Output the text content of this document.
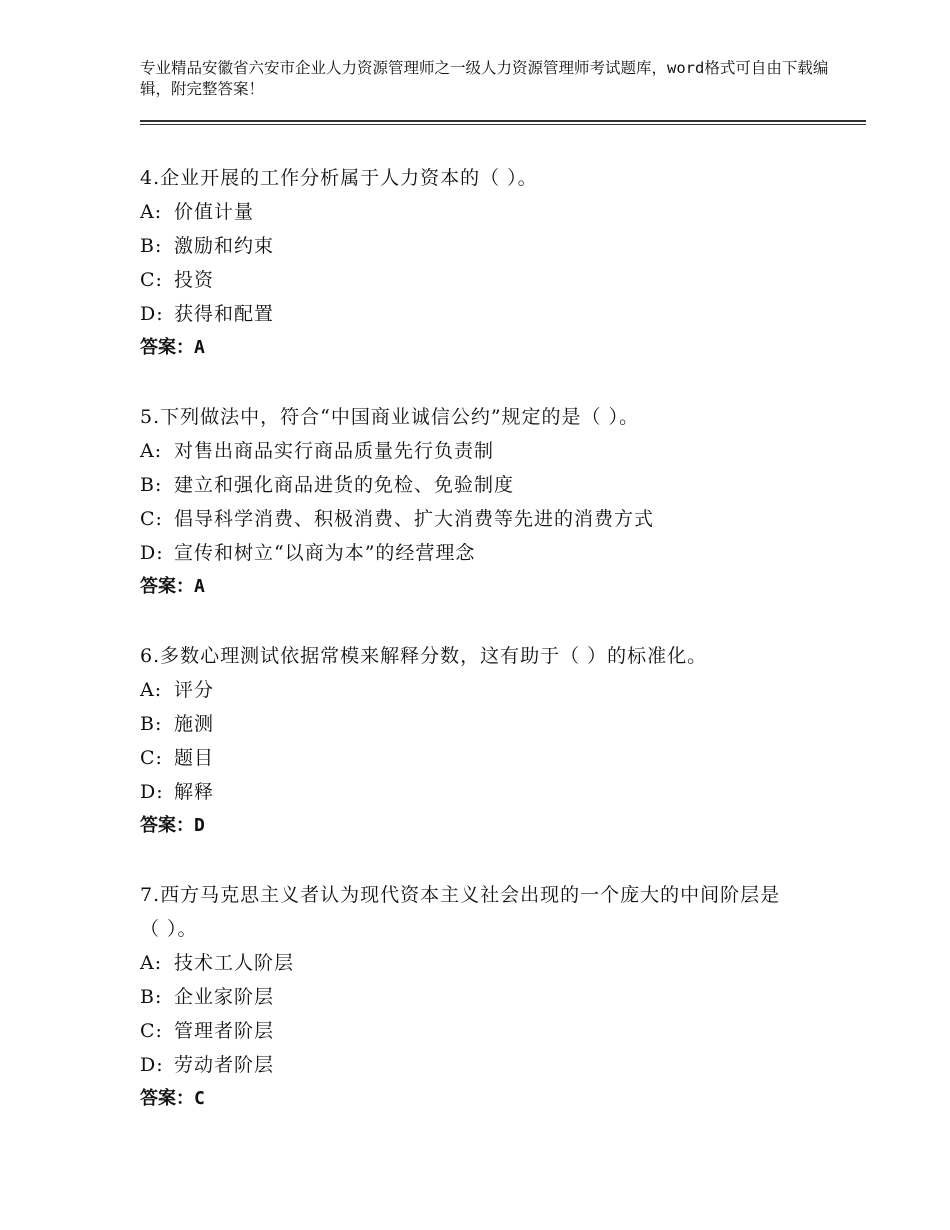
专业精品安徽省六安市企业人力资源管理师之一级人力资源管理师考试题库，word格式可自由下载编辑，附完整答案！
4.企业开展的工作分析属于人力资本的（ ）。
A: 价值计量
B: 激励和约束
C: 投资
D: 获得和配置
答案：A
5.下列做法中，符合“中国商业诚信公约”规定的是（ ）。
A: 对售出商品实行商品质量先行负责制
B: 建立和强化商品进货的免检、免验制度
C: 倡导科学消费、积极消费、扩大消费等先进的消费方式
D: 宣传和树立“以商为本”的经营理念
答案：A
6.多数心理测试依据常模来解释分数，这有助于（ ）的标准化。
A: 评分
B: 施测
C: 题目
D: 解释
答案：D
7.西方马克思主义者认为现代资本主义社会出现的一个庞大的中间阶层是（ ）。
A: 技术工人阶层
B: 企业家阶层
C: 管理者阶层
D: 劳动者阶层
答案：C
